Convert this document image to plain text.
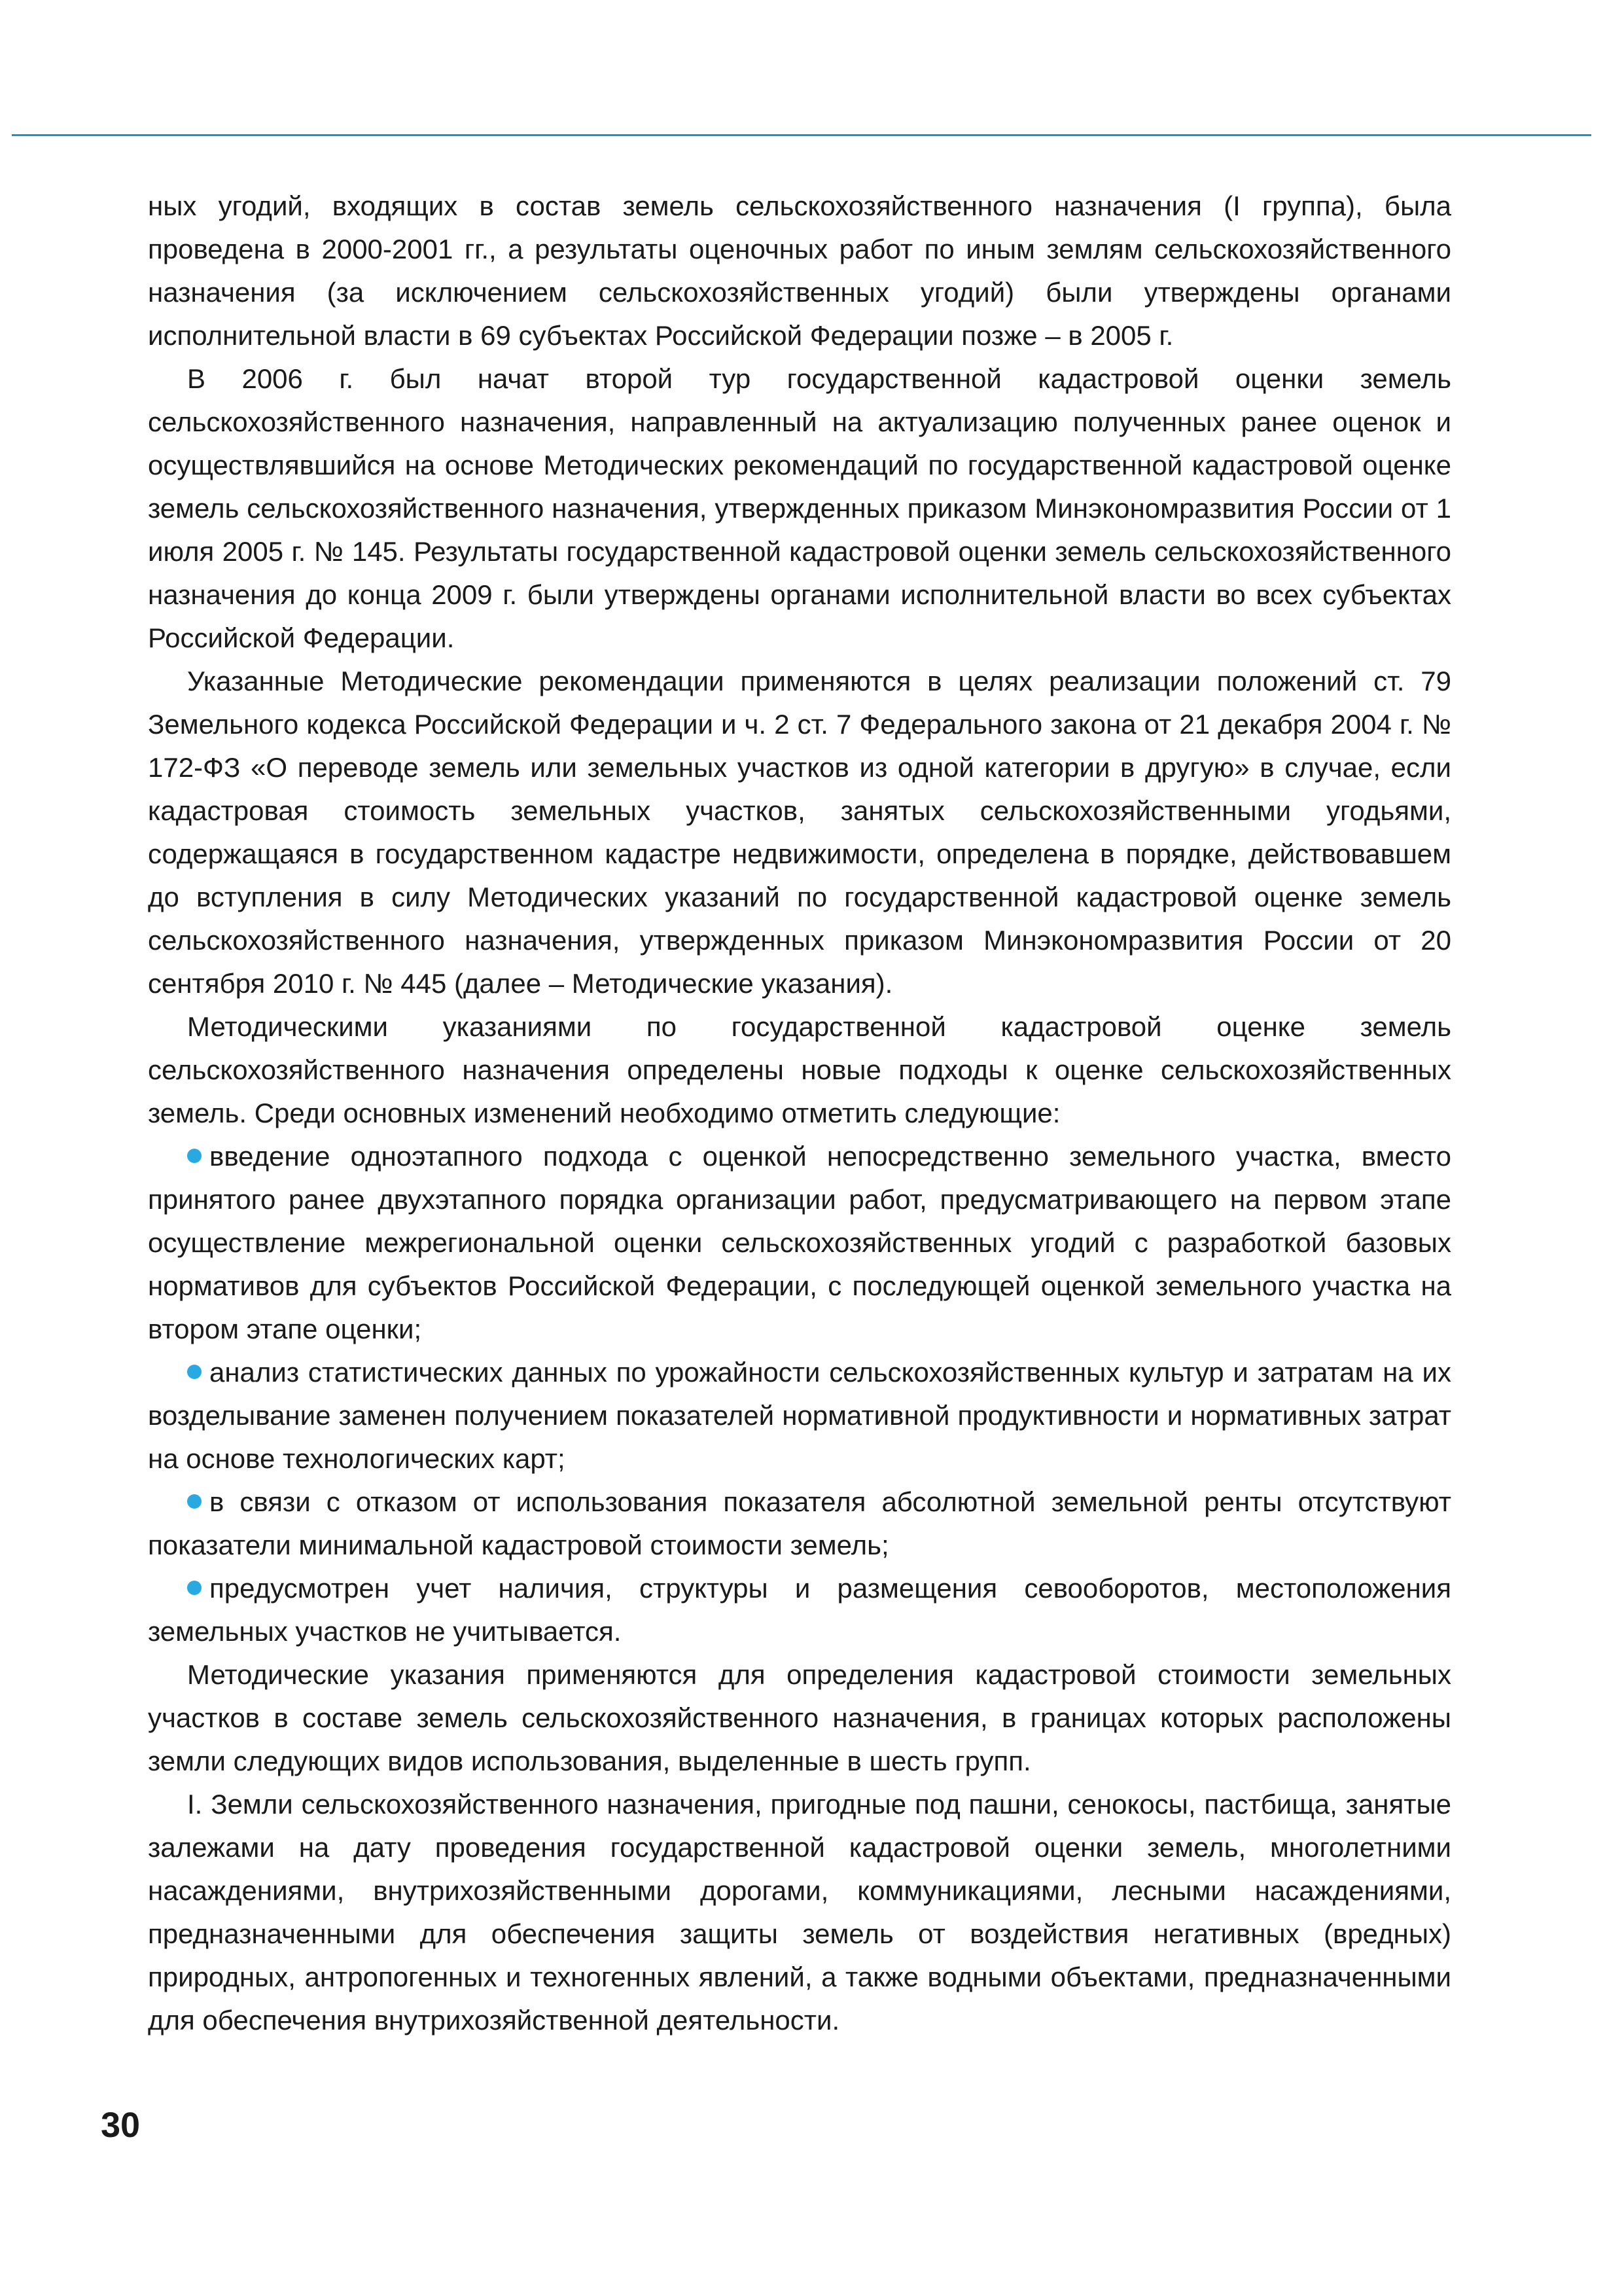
ных угодий, входящих в состав земель сельскохозяйственного назначения (I группа), была проведена в 2000-2001 гг., а результаты оценочных работ по иным землям сельскохозяйственного назначения (за исключением сельскохозяйственных угодий) были утверждены органами исполнительной власти в 69 субъектах Российской Федерации позже – в 2005 г.

В 2006 г. был начат второй тур государственной кадастровой оценки земель сельскохозяйственного назначения, направленный на актуализацию полученных ранее оценок и осуществлявшийся на основе Методических рекомендаций по государственной кадастровой оценке земель сельскохозяйственного назначения, утвержденных приказом Минэкономразвития России от 1 июля 2005 г. № 145. Результаты государственной кадастровой оценки земель сельскохозяйственного назначения до конца 2009 г. были утверждены органами исполнительной власти во всех субъектах Российской Федерации.

Указанные Методические рекомендации применяются в целях реализации положений ст. 79 Земельного кодекса Российской Федерации и ч. 2 ст. 7 Федерального закона от 21 декабря 2004 г. № 172-ФЗ «О переводе земель или земельных участков из одной категории в другую» в случае, если кадастровая стоимость земельных участков, занятых сельскохозяйственными угодьями, содержащаяся в государственном кадастре недвижимости, определена в порядке, действовавшем до вступления в силу Методических указаний по государственной кадастровой оценке земель сельскохозяйственного назначения, утвержденных приказом Минэкономразвития России от 20 сентября 2010 г. № 445 (далее – Методические указания).

Методическими указаниями по государственной кадастровой оценке земель сельскохозяйственного назначения определены новые подходы к оценке сельскохозяйственных земель. Среди основных изменений необходимо отметить следующие:

введение одноэтапного подхода с оценкой непосредственно земельного участка, вместо принятого ранее двухэтапного порядка организации работ, предусматривающего на первом этапе осуществление межрегиональной оценки сельскохозяйственных угодий с разработкой базовых нормативов для субъектов Российской Федерации, с последующей оценкой земельного участка на втором этапе оценки;

анализ статистических данных по урожайности сельскохозяйственных культур и затратам на их возделывание заменен получением показателей нормативной продуктивности и нормативных затрат на основе технологических карт;

в связи с отказом от использования показателя абсолютной земельной ренты отсутствуют показатели минимальной кадастровой стоимости земель;

предусмотрен учет наличия, структуры и размещения севооборотов, местоположения земельных участков не учитывается.

Методические указания применяются для определения кадастровой стоимости земельных участков в составе земель сельскохозяйственного назначения, в границах которых расположены земли следующих видов использования, выделенные в шесть групп.

I. Земли сельскохозяйственного назначения, пригодные под пашни, сенокосы, пастбища, занятые залежами на дату проведения государственной кадастровой оценки земель, многолетними насаждениями, внутрихозяйственными дорогами, коммуникациями, лесными насаждениями, предназначенными для обеспечения защиты земель от воздействия негативных (вредных) природных, антропогенных и техногенных явлений, а также водными объектами, предназначенными для обеспечения внутрихозяйственной деятельности.

30
